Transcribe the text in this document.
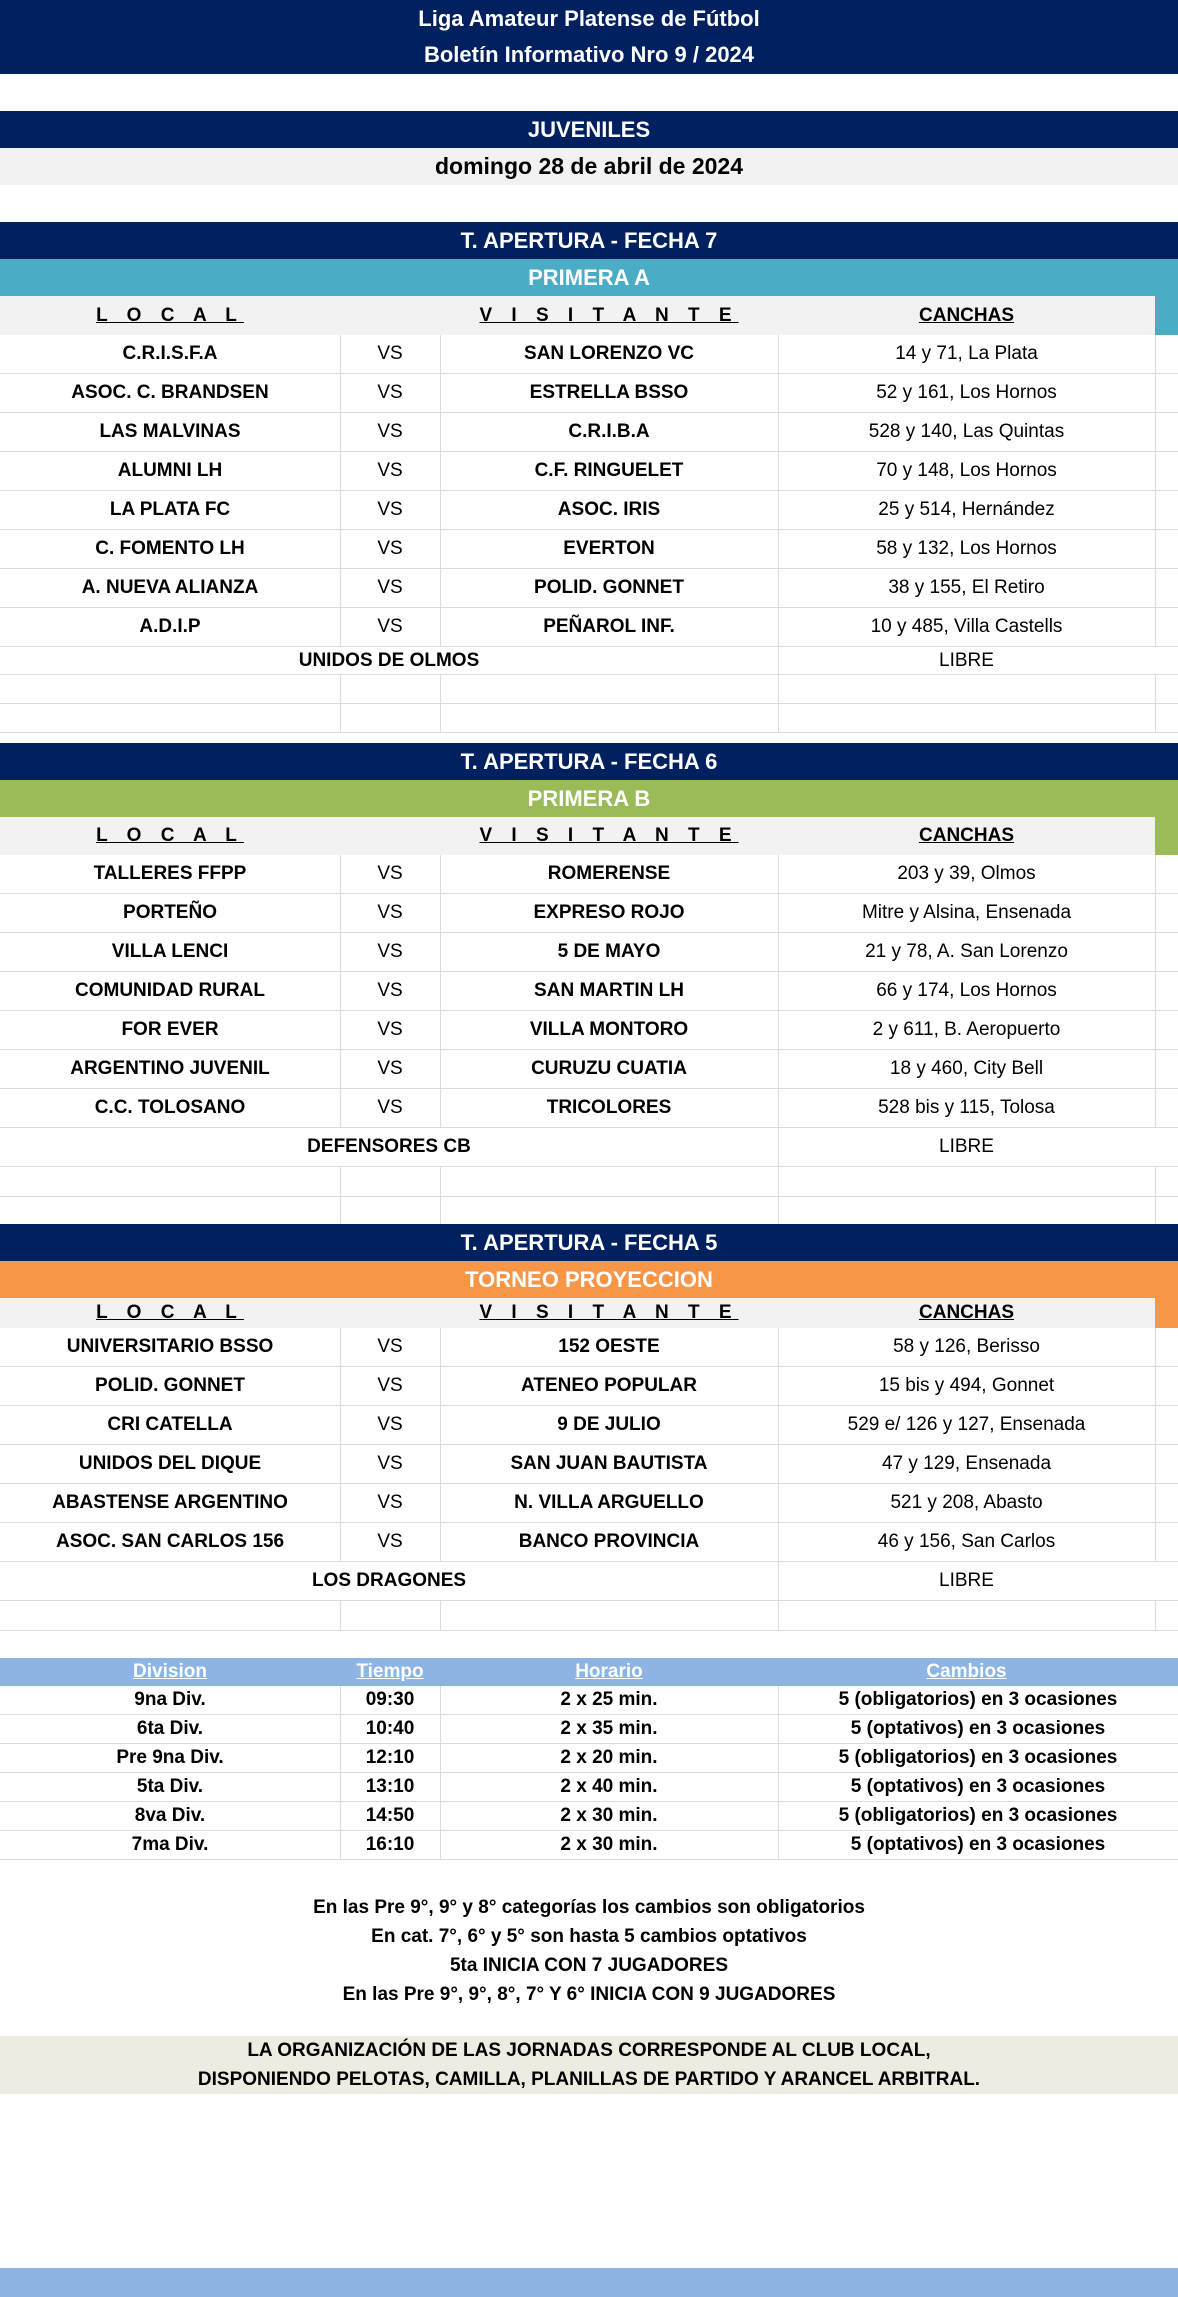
Liga Amateur Platense de Fútbol
Boletín Informativo Nro 9 / 2024
JUVENILES
domingo 28 de abril de 2024
T. APERTURA - FECHA 7
PRIMERA A
L O C A L	V I S I T A N T E	CANCHAS
C.R.I.S.F.A	VS	SAN LORENZO VC	14 y 71, La Plata
ASOC. C. BRANDSEN	VS	ESTRELLA BSSO	52 y 161, Los Hornos
LAS MALVINAS	VS	C.R.I.B.A	528 y 140, Las Quintas
ALUMNI LH	VS	C.F. RINGUELET	70 y 148, Los Hornos
LA PLATA FC	VS	ASOC. IRIS	25 y 514, Hernández
C. FOMENTO LH	VS	EVERTON	58 y 132, Los Hornos
A. NUEVA ALIANZA	VS	POLID. GONNET	38 y 155, El Retiro
A.D.I.P	VS	PEÑAROL INF.	10 y 485, Villa Castells
UNIDOS DE OLMOS	LIBRE
T. APERTURA - FECHA 6
PRIMERA B
L O C A L	V I S I T A N T E	CANCHAS
TALLERES FFPP	VS	ROMERENSE	203 y 39, Olmos
PORTEÑO	VS	EXPRESO ROJO	Mitre y Alsina, Ensenada
VILLA LENCI	VS	5 DE MAYO	21 y 78, A. San Lorenzo
COMUNIDAD RURAL	VS	SAN MARTIN LH	66 y 174, Los Hornos
FOR EVER	VS	VILLA MONTORO	2 y 611, B. Aeropuerto
ARGENTINO JUVENIL	VS	CURUZU CUATIA	18 y 460, City Bell
C.C. TOLOSANO	VS	TRICOLORES	528 bis y 115, Tolosa
DEFENSORES CB	LIBRE
T. APERTURA - FECHA 5
TORNEO PROYECCION
L O C A L	V I S I T A N T E	CANCHAS
UNIVERSITARIO BSSO	VS	152 OESTE	58 y 126, Berisso
POLID. GONNET	VS	ATENEO POPULAR	15 bis y 494, Gonnet
CRI CATELLA	VS	9 DE JULIO	529 e/ 126 y 127, Ensenada
UNIDOS DEL DIQUE	VS	SAN JUAN BAUTISTA	47 y 129, Ensenada
ABASTENSE ARGENTINO	VS	N. VILLA ARGUELLO	521 y 208, Abasto
ASOC. SAN CARLOS 156	VS	BANCO PROVINCIA	46 y 156, San Carlos
LOS DRAGONES	LIBRE
Division	Tiempo	Horario	Cambios
9na Div.	09:30	2 x 25 min.	5 (obligatorios) en 3 ocasiones
6ta Div.	10:40	2 x 35 min.	5 (optativos) en 3 ocasiones
Pre 9na Div.	12:10	2 x 20 min.	5 (obligatorios) en 3 ocasiones
5ta Div.	13:10	2 x 40 min.	5 (optativos) en 3 ocasiones
8va Div.	14:50	2 x 30 min.	5 (obligatorios) en 3 ocasiones
7ma Div.	16:10	2 x 30 min.	5 (optativos) en 3 ocasiones
En las Pre 9°, 9° y 8° categorías los cambios son obligatorios
En cat. 7°, 6° y 5° son hasta 5 cambios optativos
5ta INICIA CON 7 JUGADORES
En las Pre 9°, 9°, 8°, 7° Y 6° INICIA CON 9 JUGADORES
LA ORGANIZACIÓN DE LAS JORNADAS CORRESPONDE AL CLUB LOCAL,
DISPONIENDO PELOTAS, CAMILLA, PLANILLAS DE PARTIDO Y ARANCEL ARBITRAL.
